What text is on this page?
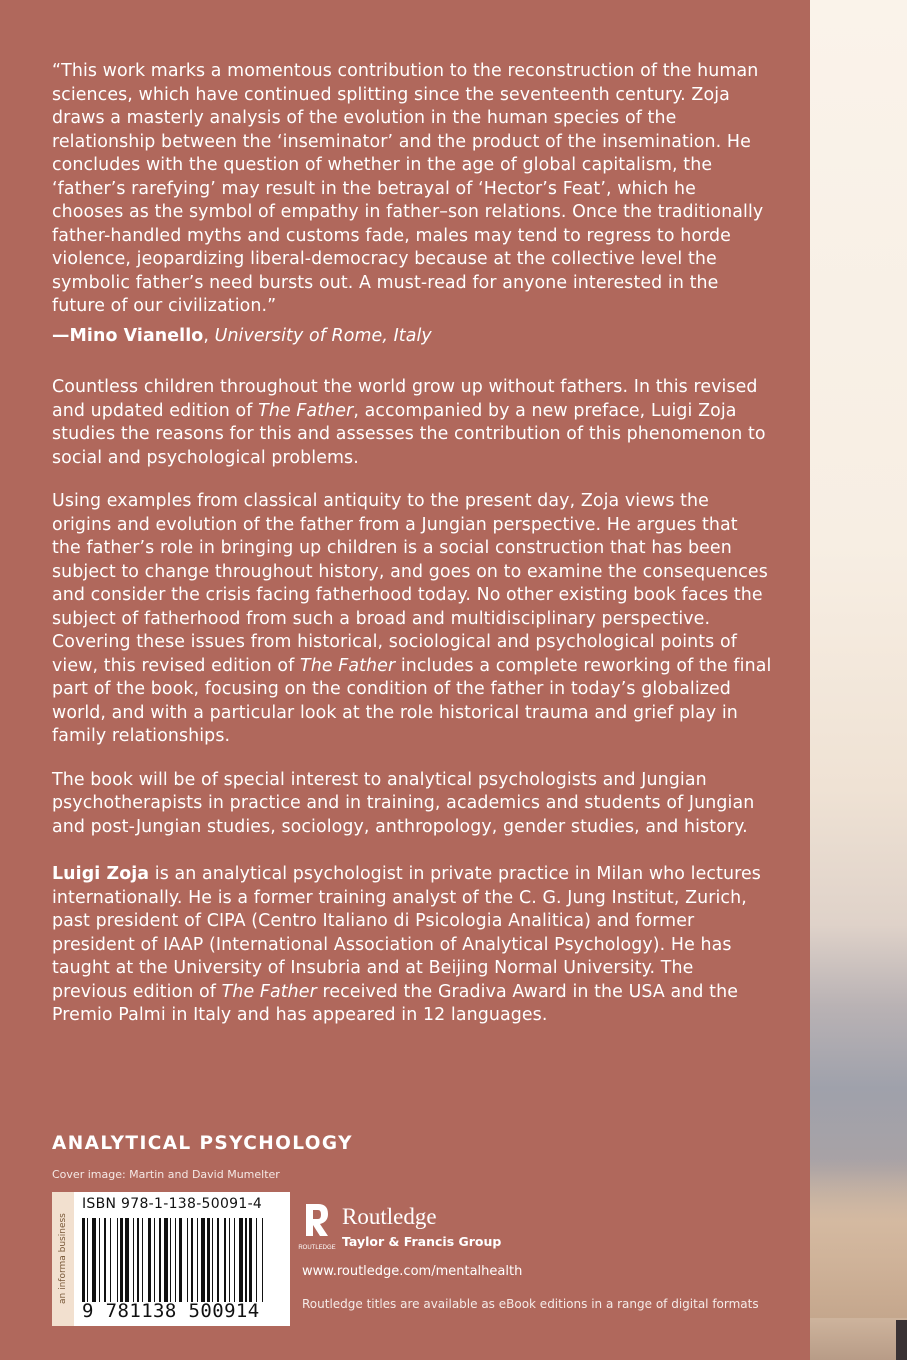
“This work marks a momentous contribution to the reconstruction of the human sciences, which have continued splitting since the seventeenth century. Zoja draws a masterly analysis of the evolution in the human species of the relationship between the ‘inseminator’ and the product of the insemination. He concludes with the question of whether in the age of global capitalism, the ‘father’s rarefying’ may result in the betrayal of ‘Hector’s Feat’, which he chooses as the symbol of empathy in father–son relations. Once the traditionally father-handled myths and customs fade, males may tend to regress to horde violence, jeopardizing liberal-democracy because at the collective level the symbolic father’s need bursts out. A must-read for anyone interested in the future of our civilization.”

—Mino Vianello, University of Rome, Italy

Countless children throughout the world grow up without fathers. In this revised and updated edition of The Father, accompanied by a new preface, Luigi Zoja studies the reasons for this and assesses the contribution of this phenomenon to social and psychological problems.

Using examples from classical antiquity to the present day, Zoja views the origins and evolution of the father from a Jungian perspective. He argues that the father’s role in bringing up children is a social construction that has been subject to change throughout history, and goes on to examine the consequences and consider the crisis facing fatherhood today. No other existing book faces the subject of fatherhood from such a broad and multidisciplinary perspective. Covering these issues from historical, sociological and psychological points of view, this revised edition of The Father includes a complete reworking of the final part of the book, focusing on the condition of the father in today’s globalized world, and with a particular look at the role historical trauma and grief play in family relationships.

The book will be of special interest to analytical psychologists and Jungian psychotherapists in practice and in training, academics and students of Jungian and post-Jungian studies, sociology, anthropology, gender studies, and history.

Luigi Zoja is an analytical psychologist in private practice in Milan who lectures internationally. He is a former training analyst of the C. G. Jung Institut, Zurich, past president of CIPA (Centro Italiano di Psicologia Analitica) and former president of IAAP (International Association of Analytical Psychology). He has taught at the University of Insubria and at Beijing Normal University. The previous edition of The Father received the Gradiva Award in the USA and the Premio Palmi in Italy and has appeared in 12 languages.

ANALYTICAL PSYCHOLOGY
Cover image: Martin and David Mumelter
an informa business
ISBN 978-1-138-50091-4
9 781138 500914
ROUTLEDGE
Routledge
Taylor & Francis Group
www.routledge.com/mentalhealth
Routledge titles are available as eBook editions in a range of digital formats
